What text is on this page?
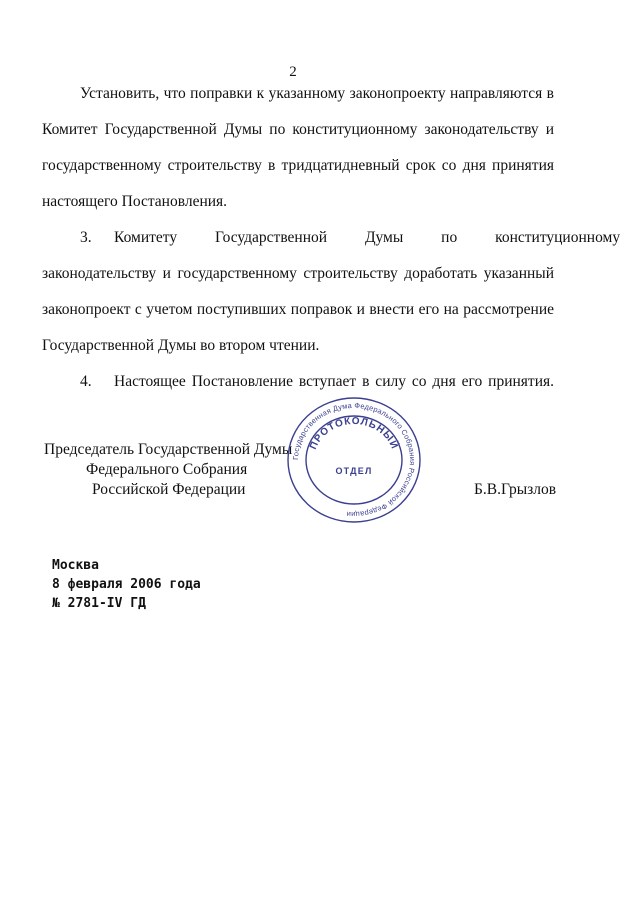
2

Установить, что поправки к указанному законопроекту направляются в
Комитет Государственной Думы по конституционному законодательству и
государственному строительству в тридцатидневный срок со дня принятия
настоящего Постановления.

3. Комитету Государственной Думы по конституционному
законодательству и государственному строительству доработать указанный
законопроект с учетом поступивших поправок и внести его на рассмотрение
Государственной Думы во втором чтении.

4. Настоящее Постановление вступает в силу со дня его принятия.

Председатель Государственной Думы
Федерального Собрания
Российской Федерации	Б.В.Грызлов
Государственная Дума Федерального Собрания Российской Федерации
ПРОТОКОЛЬНЫЙ
ОТДЕЛ
Москва
8 февраля 2006 года
№ 2781-IV ГД
